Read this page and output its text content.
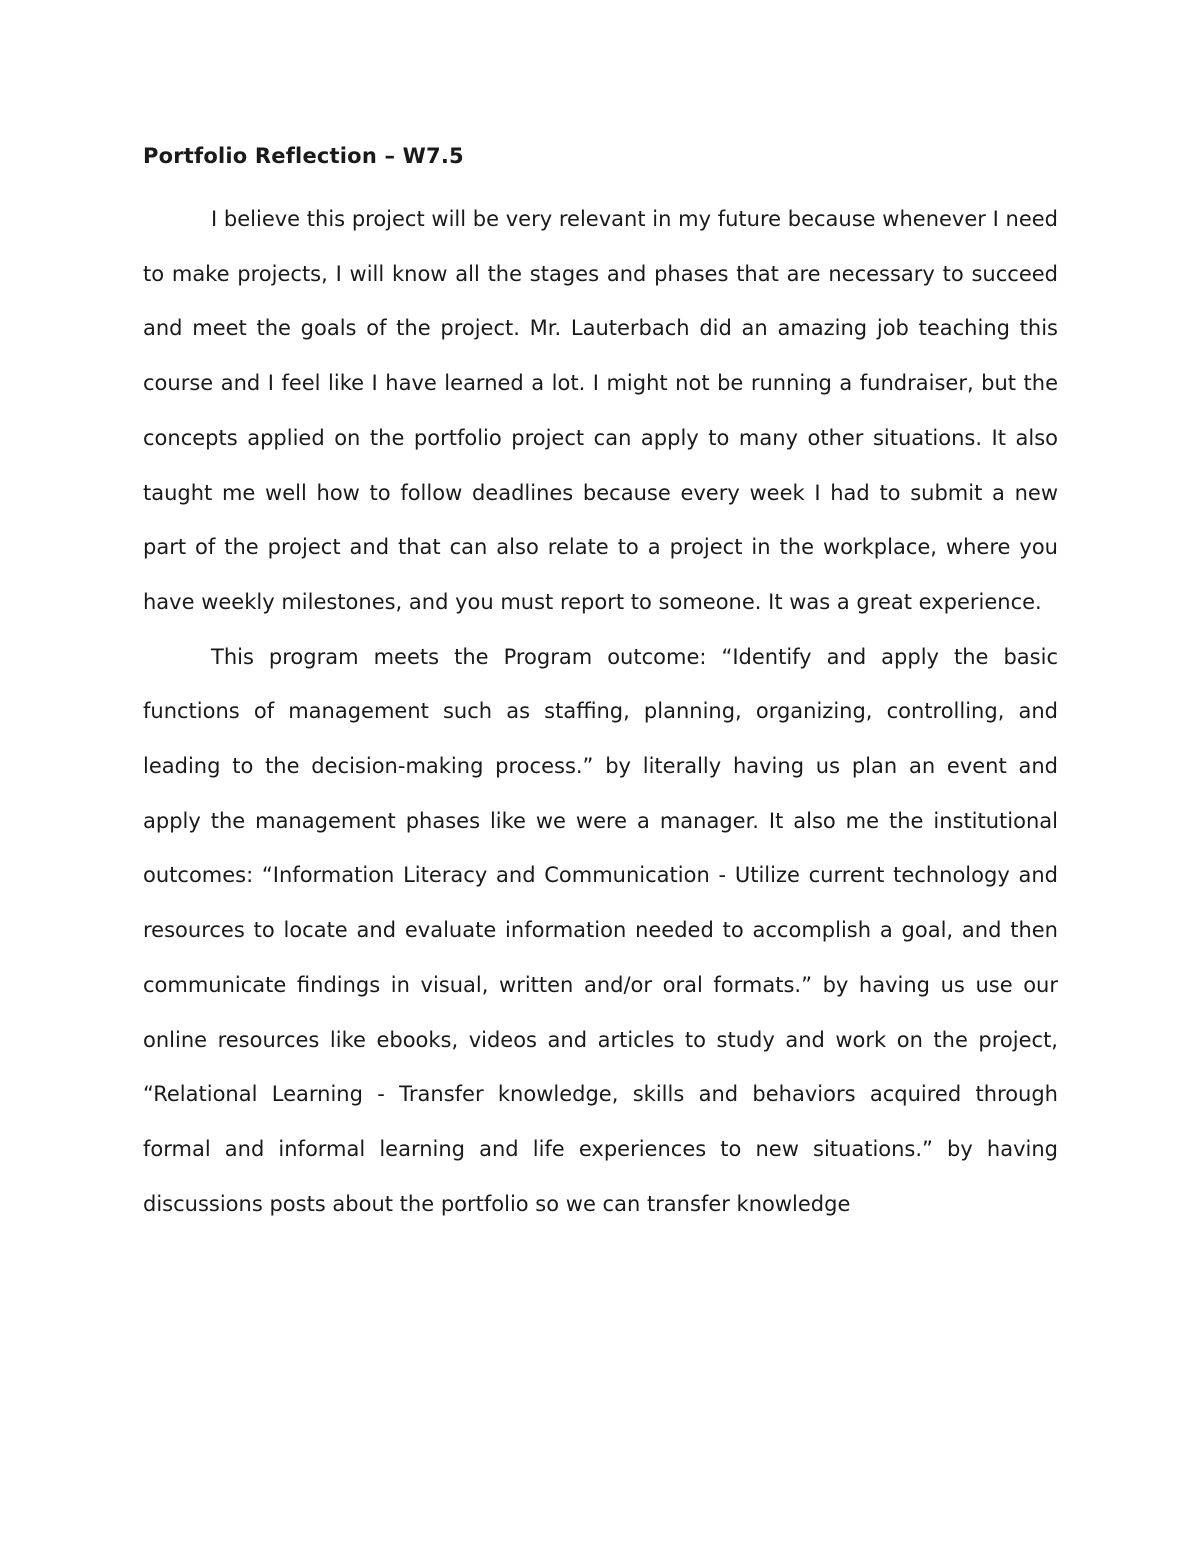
Portfolio Reflection – W7.5

I believe this project will be very relevant in my future because whenever I need to make projects, I will know all the stages and phases that are necessary to succeed and meet the goals of the project. Mr. Lauterbach did an amazing job teaching this course and I feel like I have learned a lot. I might not be running a fundraiser, but the concepts applied on the portfolio project can apply to many other situations. It also taught me well how to follow deadlines because every week I had to submit a new part of the project and that can also relate to a project in the workplace, where you have weekly milestones, and you must report to someone. It was a great experience.

This program meets the Program outcome: “Identify and apply the basic functions of management such as staffing, planning, organizing, controlling, and leading to the decision-making process.” by literally having us plan an event and apply the management phases like we were a manager. It also me the institutional outcomes: “Information Literacy and Communication - Utilize current technology and resources to locate and evaluate information needed to accomplish a goal, and then communicate findings in visual, written and/or oral formats.” by having us use our online resources like ebooks, videos and articles to study and work on the project, “Relational Learning - Transfer knowledge, skills and behaviors acquired through formal and informal learning and life experiences to new situations.” by having discussions posts about the portfolio so we can transfer knowledge
